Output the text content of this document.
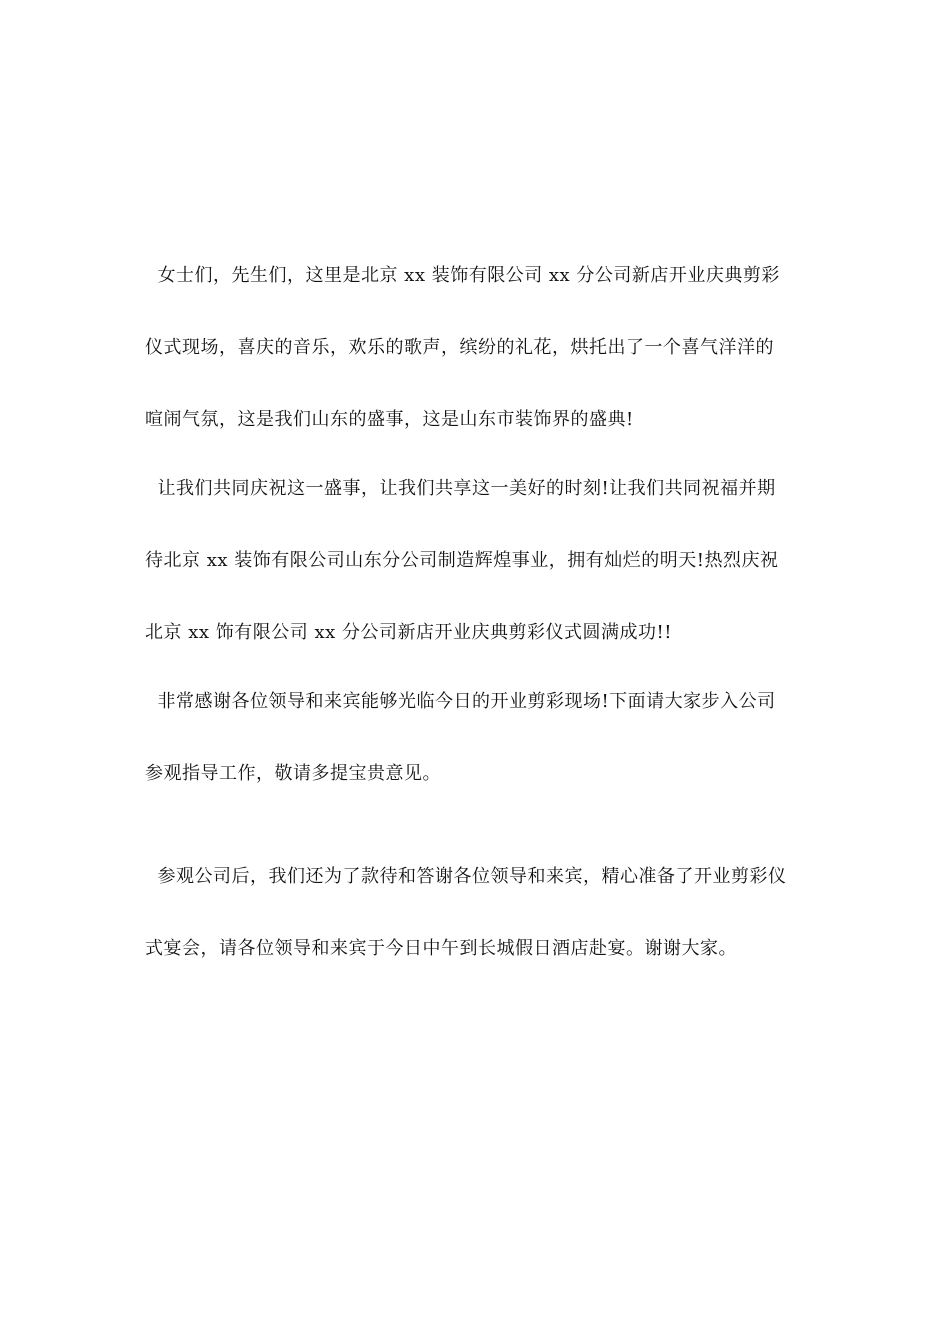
女士们，先生们，这里是北京 xx 装饰有限公司 xx 分公司新店开业庆典剪彩

仪式现场，喜庆的音乐，欢乐的歌声，缤纷的礼花，烘托出了一个喜气洋洋的

喧闹气氛，这是我们山东的盛事，这是山东市装饰界的盛典!

让我们共同庆祝这一盛事，让我们共享这一美好的时刻!让我们共同祝福并期

待北京 xx 装饰有限公司山东分公司制造辉煌事业，拥有灿烂的明天!热烈庆祝

北京 xx 饰有限公司 xx 分公司新店开业庆典剪彩仪式圆满成功!!

非常感谢各位领导和来宾能够光临今日的开业剪彩现场!下面请大家步入公司

参观指导工作，敬请多提宝贵意见。

参观公司后，我们还为了款待和答谢各位领导和来宾，精心准备了开业剪彩仪

式宴会，请各位领导和来宾于今日中午到长城假日酒店赴宴。谢谢大家。
